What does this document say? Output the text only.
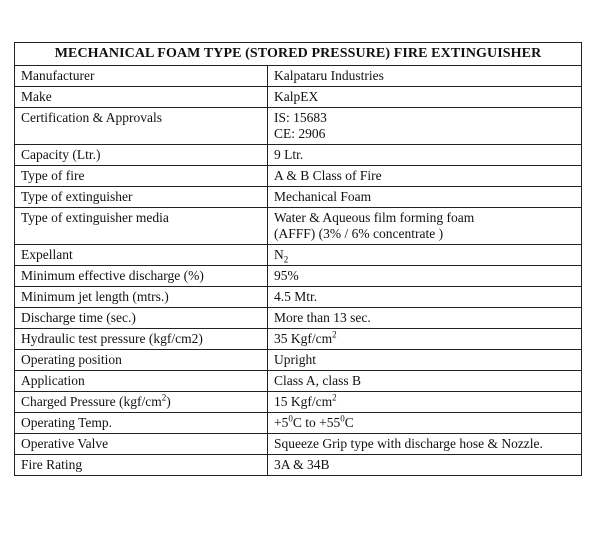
MECHANICAL FOAM TYPE (STORED PRESSURE) FIRE EXTINGUISHER	
Manufacturer	Kalpataru Industries
Make	KalpEX
Certification & Approvals	IS: 15683
CE: 2906

Capacity (Ltr.)	9 Ltr.
Type of fire	A & B Class of Fire
Type of extinguisher	Mechanical Foam
Type of extinguisher media	Water & Aqueous film forming foam
(AFFF) (3% / 6% concentrate )

Expellant	$N_2$
Minimum effective discharge (%)	95%
Minimum jet length (mtrs.)	4.5 Mtr.
Discharge time (sec.)	More than 13 sec.
Hydraulic test pressure (kgf/cm2)	35 Kgf/$cm^2$
Operating position	Upright
Application	Class A, class B
Charged Pressure $(kgf/cm^2)$	15 Kgf/$cm^2$
Operating Temp.	$+5^0C$ to $+55^0C$
Operative Valve	Squeeze Grip type with discharge hose & Nozzle.
Fire Rating	3A & 34B
